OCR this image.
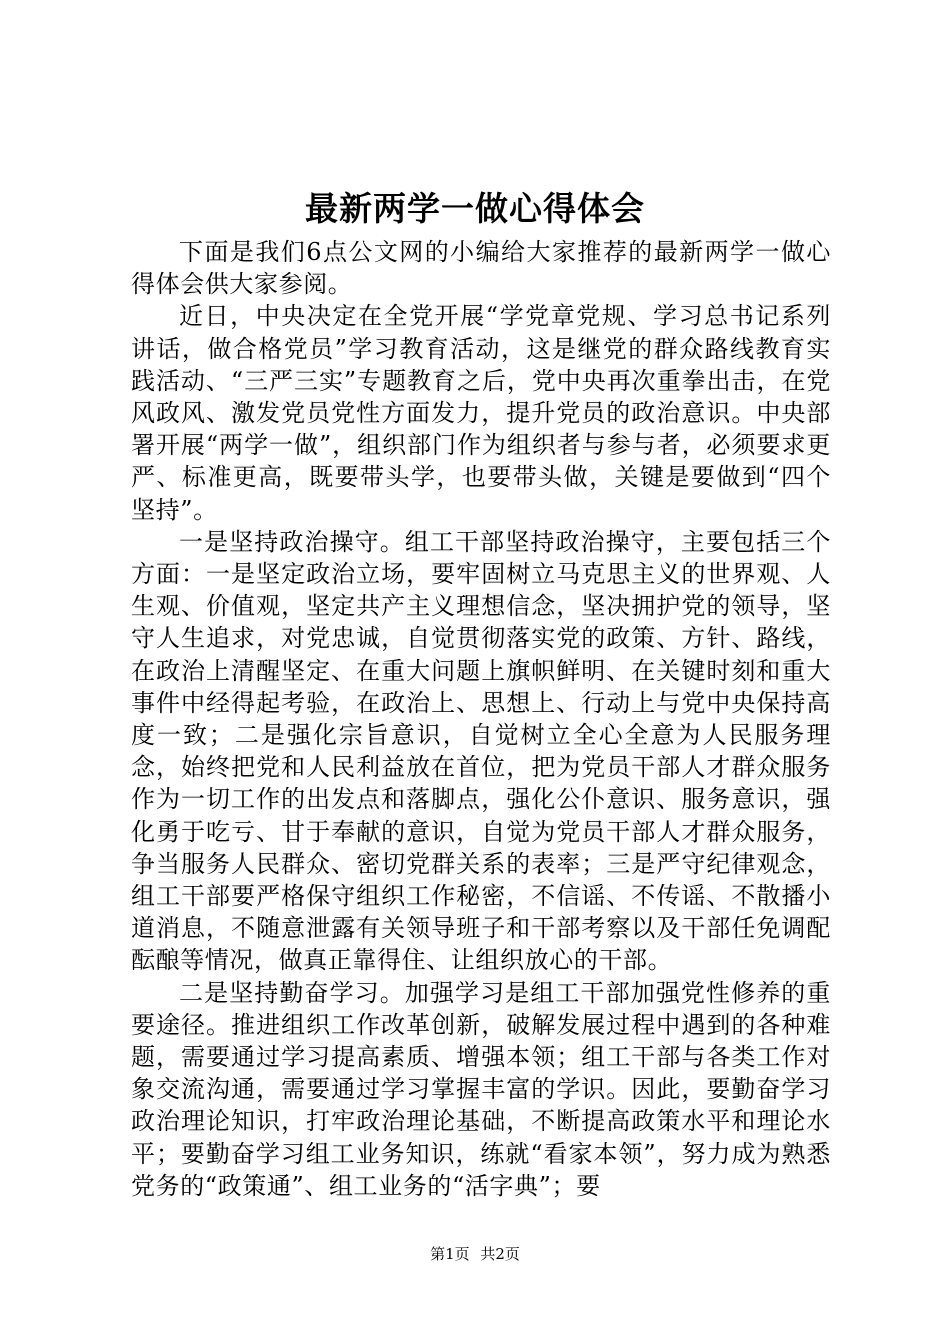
最新两学一做心得体会

下面是我们6点公文网的小编给大家推荐的最新两学一做心得体会供大家参阅。

近日，中央决定在全党开展“学党章党规、学习总书记系列讲话，做合格党员”学习教育活动，这是继党的群众路线教育实践活动、“三严三实”专题教育之后，党中央再次重拳出击，在党风政风、激发党员党性方面发力，提升党员的政治意识。中央部署开展“两学一做”，组织部门作为组织者与参与者，必须要求更严、标准更高，既要带头学，也要带头做，关键是要做到“四个坚持”。

一是坚持政治操守。组工干部坚持政治操守，主要包括三个方面：一是坚定政治立场，要牢固树立马克思主义的世界观、人生观、价值观，坚定共产主义理想信念，坚决拥护党的领导，坚守人生追求，对党忠诚，自觉贯彻落实党的政策、方针、路线，在政治上清醒坚定、在重大问题上旗帜鲜明、在关键时刻和重大事件中经得起考验，在政治上、思想上、行动上与党中央保持高度一致；二是强化宗旨意识，自觉树立全心全意为人民服务理念，始终把党和人民利益放在首位，把为党员干部人才群众服务作为一切工作的出发点和落脚点，强化公仆意识、服务意识，强化勇于吃亏、甘于奉献的意识，自觉为党员干部人才群众服务，争当服务人民群众、密切党群关系的表率；三是严守纪律观念，组工干部要严格保守组织工作秘密，不信谣、不传谣、不散播小道消息，不随意泄露有关领导班子和干部考察以及干部任免调配酝酿等情况，做真正靠得住、让组织放心的干部。

二是坚持勤奋学习。加强学习是组工干部加强党性修养的重要途径。推进组织工作改革创新，破解发展过程中遇到的各种难题，需要通过学习提高素质、增强本领；组工干部与各类工作对象交流沟通，需要通过学习掌握丰富的学识。因此，要勤奋学习政治理论知识，打牢政治理论基础，不断提高政策水平和理论水平；要勤奋学习组工业务知识，练就“看家本领”，努力成为熟悉党务的“政策通”、组工业务的“活字典”；要

第1页 共2页
